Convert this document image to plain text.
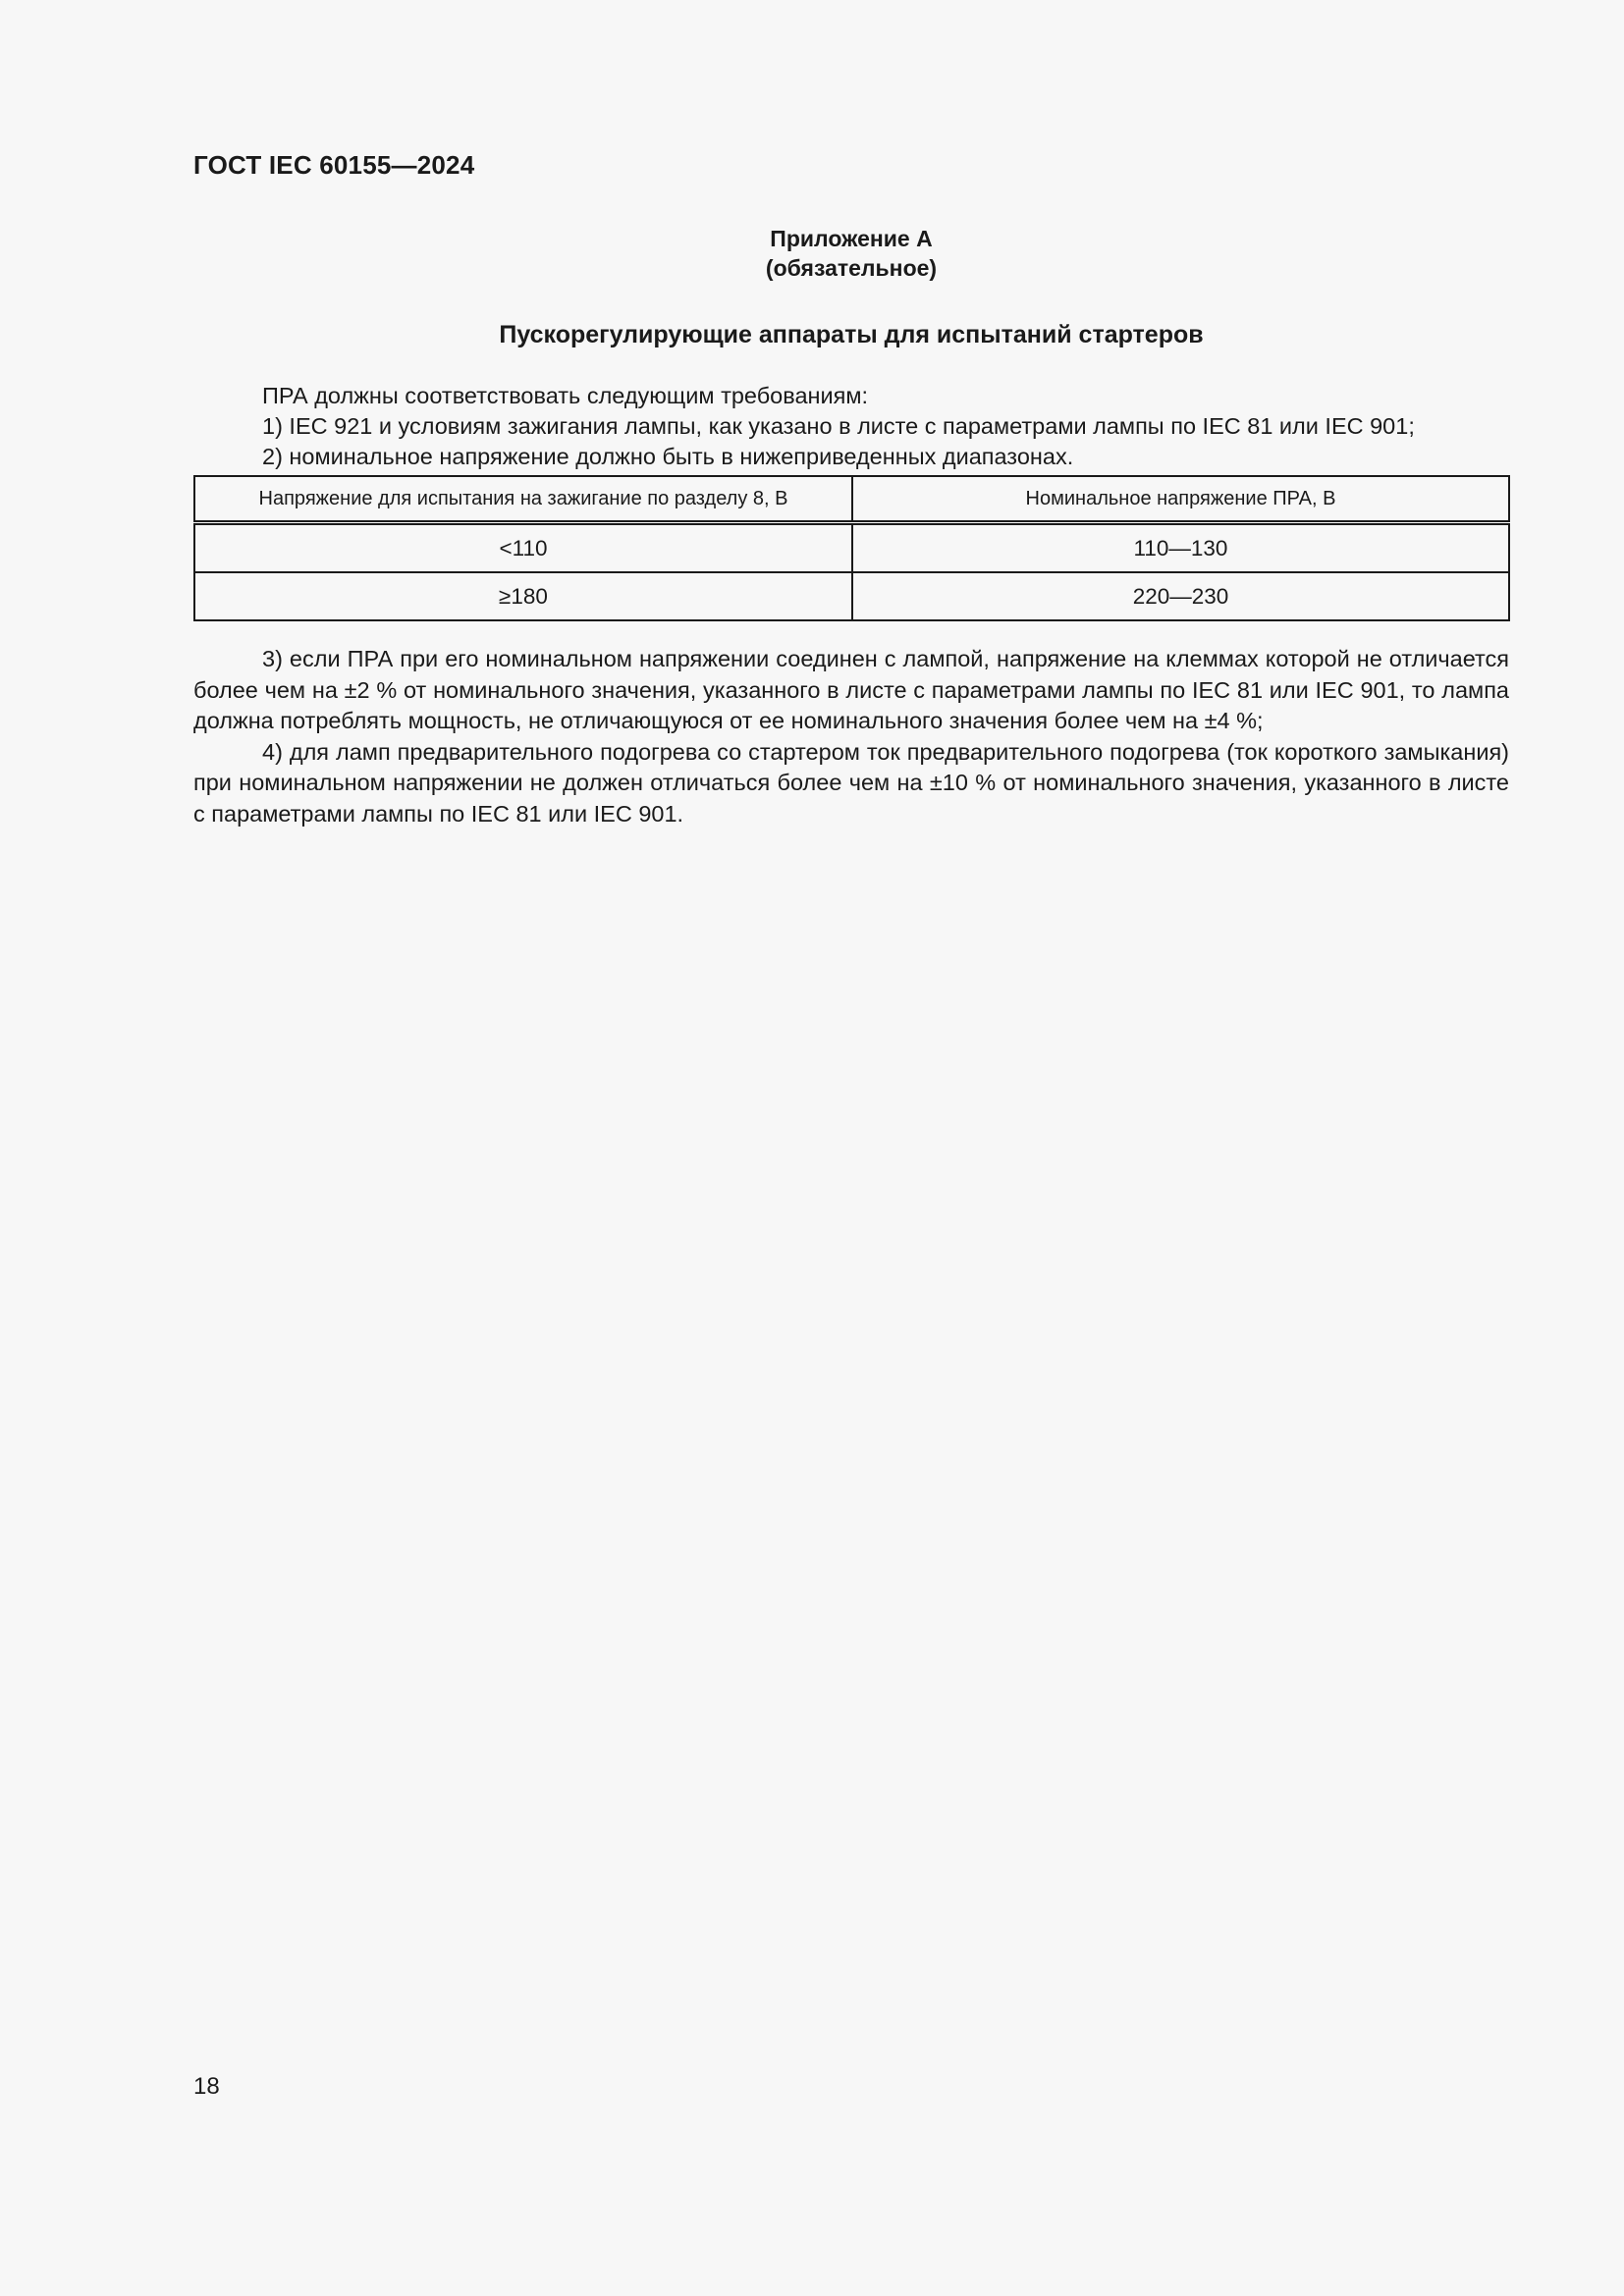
ГОСТ IEC 60155—2024
Приложение А
(обязательное)
Пускорегулирующие аппараты для испытаний стартеров

ПРА должны соответствовать следующим требованиям:

1) IEC 921 и условиям зажигания лампы, как указано в листе с параметрами лампы по IEC 81 или IEC 901;

2) номинальное напряжение должно быть в нижеприведенных диапазонах.

Напряжение для испытания на зажигание по разделу 8, В	Номинальное напряжение ПРА, В
<110	110—130
≥180	220—230

3) если ПРА при его номинальном напряжении соединен с лампой, напряжение на клеммах которой не отличается более чем на ±2 % от номинального значения, указанного в листе с параметрами лампы по IEC 81 или IEC 901, то лампа должна потреблять мощность, не отличающуюся от ее номинального значения более чем на ±4 %;

4) для ламп предварительного подогрева со стартером ток предварительного подогрева (ток короткого замыкания) при номинальном напряжении не должен отличаться более чем на ±10 % от номинального значения, указанного в листе с параметрами лампы по IEC 81 или IEC 901.

18
